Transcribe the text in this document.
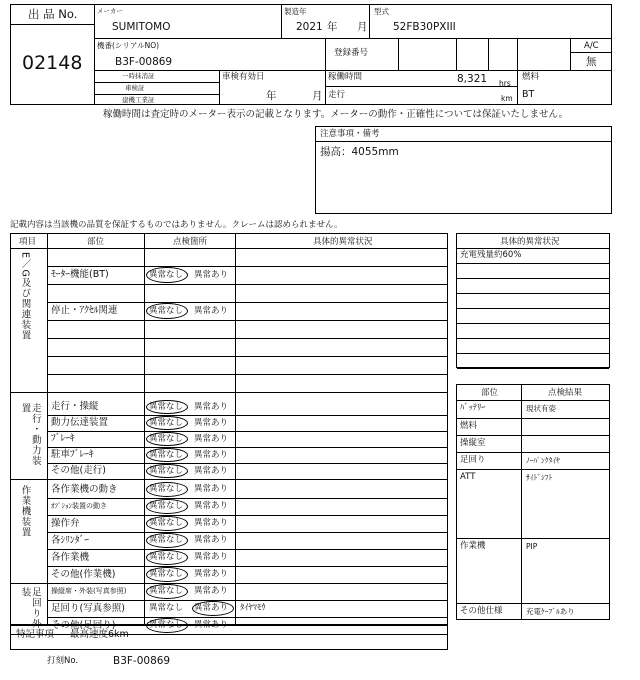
出 品 No.
02148
メーカー
SUMITOMO
製造年
2021 年 月
型式
52FB30PXIII
機番(シリアルNO)
B3F-00869
登録番号
A/C
無
一時抹消証
車検証
建機工業証
車検有効日
年	月
稼働時間	8,321 hrs
走行	km
燃料
BT
稼働時間は査定時のメーター表示の記載となります。メーターの動作・正確性については保証いたしません。
注意事項・備考
揚高：4055mm
記載内容は当該機の品質を保証するものではありません。クレームは認められません。
項目	部位	点検箇所	具体的異常状況
ﾓｰﾀｰ機能(BT)	異常なし 異常あり
停止・ｱｸｾﾙ関連	異常なし 異常あり
E／G及び関連装置
走行・操縦	異常なし 異常あり
動力伝達装置	異常なし 異常あり
ﾌﾞﾚｰｷ	異常なし 異常あり
駐車ﾌﾞﾚｰｷ	異常なし 異常あり
その他(走行)	異常なし 異常あり
走行・動力装置
各作業機の動き	異常なし 異常あり
ｵﾌﾟｼｮﾝ装置の動き	異常なし 異常あり
操作弁	異常なし 異常あり
各ｼﾘﾝﾀﾞｰ	異常なし 異常あり
各作業機	異常なし 異常あり
その他(作業機)	異常なし 異常あり
作業機装置
操縦席・外装(写真参照)	異常なし 異常あり
足回り(写真参照)	異常なし 異常あり ﾀｲﾔﾏﾓｳ
その他(足回り)	異常なし 異常あり
足回り外装
特記事項 最高速度6km
打刻No.	B3F-00869
具体的異常状況
充電残量約60%
部位	点検結果
ﾊﾞｯﾃﾘｰ	現状有姿
燃料
操縦室
足回り	ﾉｰﾊﾟﾝｸﾀｲﾔ
ATT	ｻｲﾄﾞｼﾌﾄ
作業機	PIP
その他仕様	充電ｹｰﾌﾞﾙあり
